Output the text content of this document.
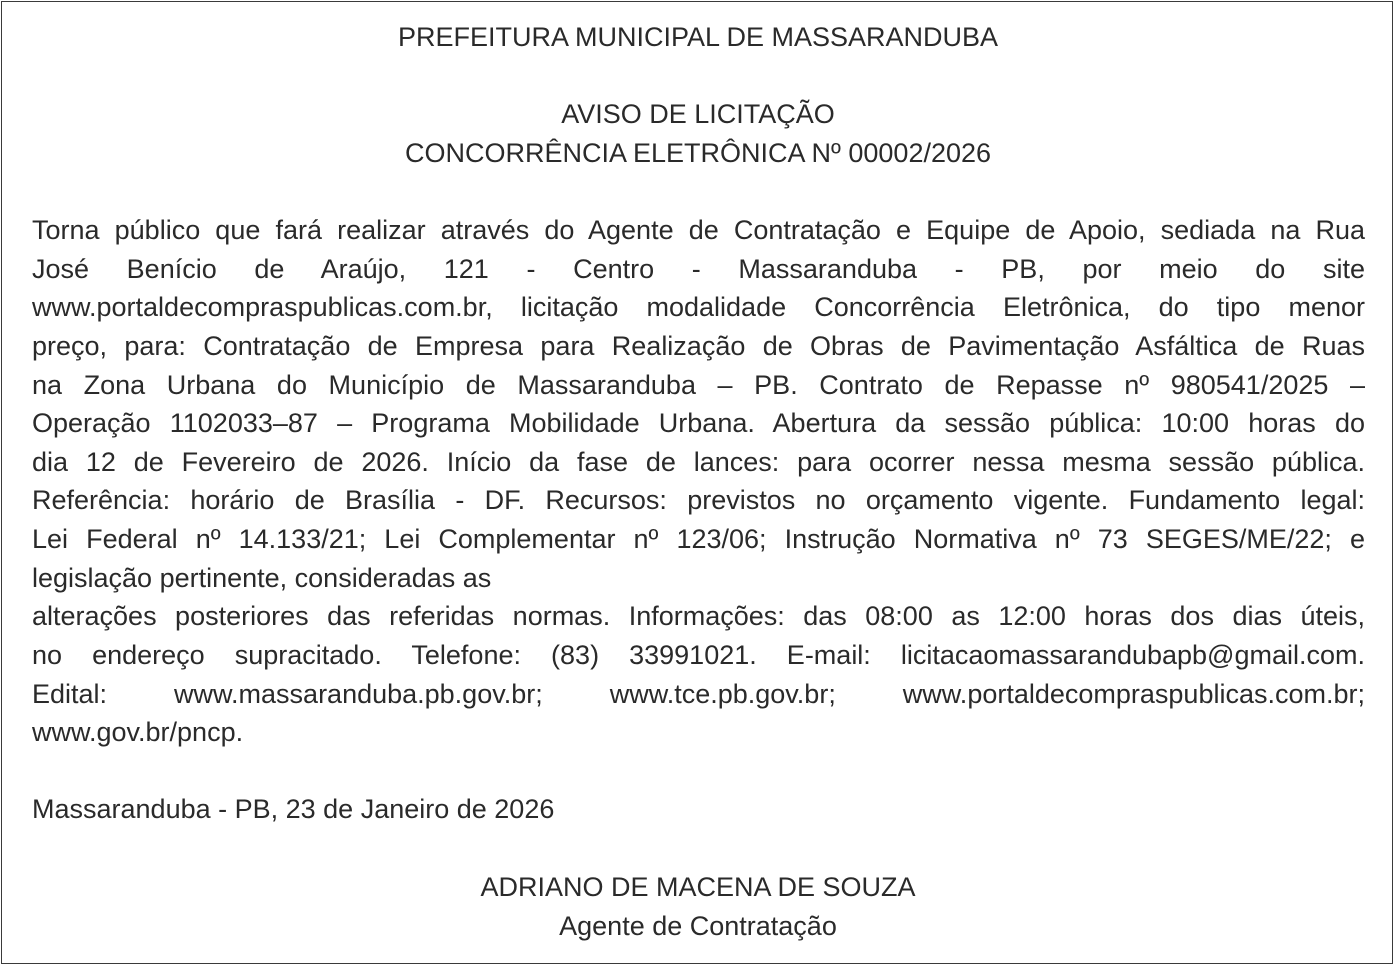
PREFEITURA MUNICIPAL DE MASSARANDUBA
AVISO DE LICITAÇÃO
CONCORRÊNCIA ELETRÔNICA Nº 00002/2026
Torna público que fará realizar através do Agente de Contratação e Equipe de Apoio, sediada na Rua
José Benício de Araújo, 121 - Centro - Massaranduba - PB, por meio do site
www.portaldecompraspublicas.com.br, licitação modalidade Concorrência Eletrônica, do tipo menor
preço, para: Contratação de Empresa para Realização de Obras de Pavimentação Asfáltica de Ruas
na Zona Urbana do Município de Massaranduba – PB. Contrato de Repasse nº 980541/2025 –
Operação 1102033–87 – Programa Mobilidade Urbana. Abertura da sessão pública: 10:00 horas do
dia 12 de Fevereiro de 2026. Início da fase de lances: para ocorrer nessa mesma sessão pública.
Referência: horário de Brasília - DF. Recursos: previstos no orçamento vigente. Fundamento legal:
Lei Federal nº 14.133/21; Lei Complementar nº 123/06; Instrução Normativa nº 73 SEGES/ME/22; e
legislação pertinente, consideradas as
alterações posteriores das referidas normas. Informações: das 08:00 as 12:00 horas dos dias úteis,
no endereço supracitado. Telefone: (83) 33991021. E-mail: licitacaomassarandubapb@gmail.com.
Edital: www.massaranduba.pb.gov.br; www.tce.pb.gov.br; www.portaldecompraspublicas.com.br;
www.gov.br/pncp.
Massaranduba - PB, 23 de Janeiro de 2026
ADRIANO DE MACENA DE SOUZA
Agente de Contratação
